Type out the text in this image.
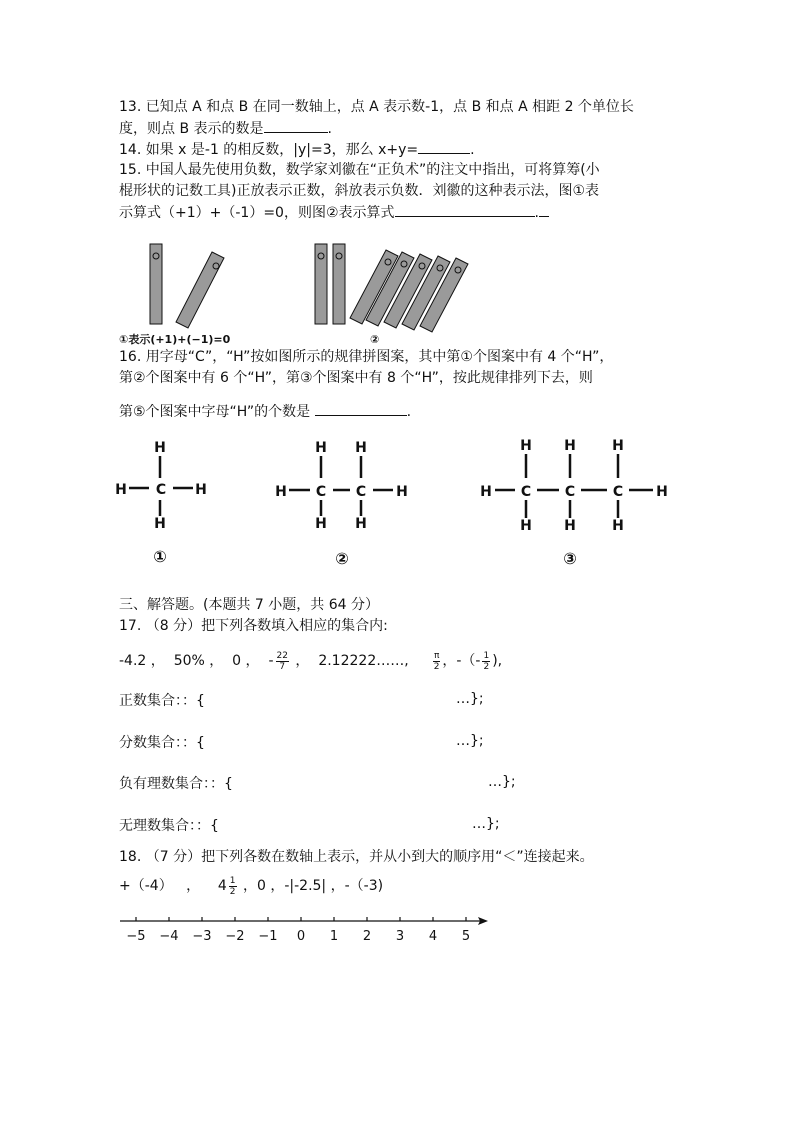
13. 已知点 A 和点 B 在同一数轴上，点 A 表示数-1，点 B 和点 A 相距 2 个单位长
度，则点 B 表示的数是	.
14. 如果 x 是-1 的相反数，|y|=3，那么 x+y=	.
15. 中国人最先使用负数，数学家刘徽在“正负术”的注文中指出，可将算筹(小
棍形状的记数工具)正放表示正数，斜放表示负数．刘徽的这种表示法，图①表
示算式（+1）+（-1）=0，则图②表示算式	.
①表示(+1)+(−1)=0	②
16. 用字母“C”，“H”按如图所示的规律拼图案，其中第①个图案中有 4 个“H”，
第②个图案中有 6 个“H”，第③个图案中有 8 个“H”，按此规律排列下去，则
第⑤个图案中字母“H”的个数是	.
H
C
H	H
H
①
H H
H C C H
H H
②
H H	H
H C C	C H
H H	H
③
三、解答题。(本题共 7 小题，共 64 分）
17. （8 分）把下列各数填入相应的集合内:
-4.2 ， 50% ， 0 ， - $\frac{22}{7}$ ， 2.12222……,	$\frac{\pi}{2}$ ，-（- $\frac{1}{2}$ ),
正数集合：：{	…};
分数集合：：{	…};
负有理数集合：：{	…};
无理数集合：：{	…};
18. （7 分）把下列各数在数轴上表示，并从小到大的顺序用“＜”连接起来。
+（-4） ， $4 \frac{1}{2}$ ，0 ，-|-2.5| ，-（-3)
−5 −4 −3 −2 −1 0 1 2 3 4 5
